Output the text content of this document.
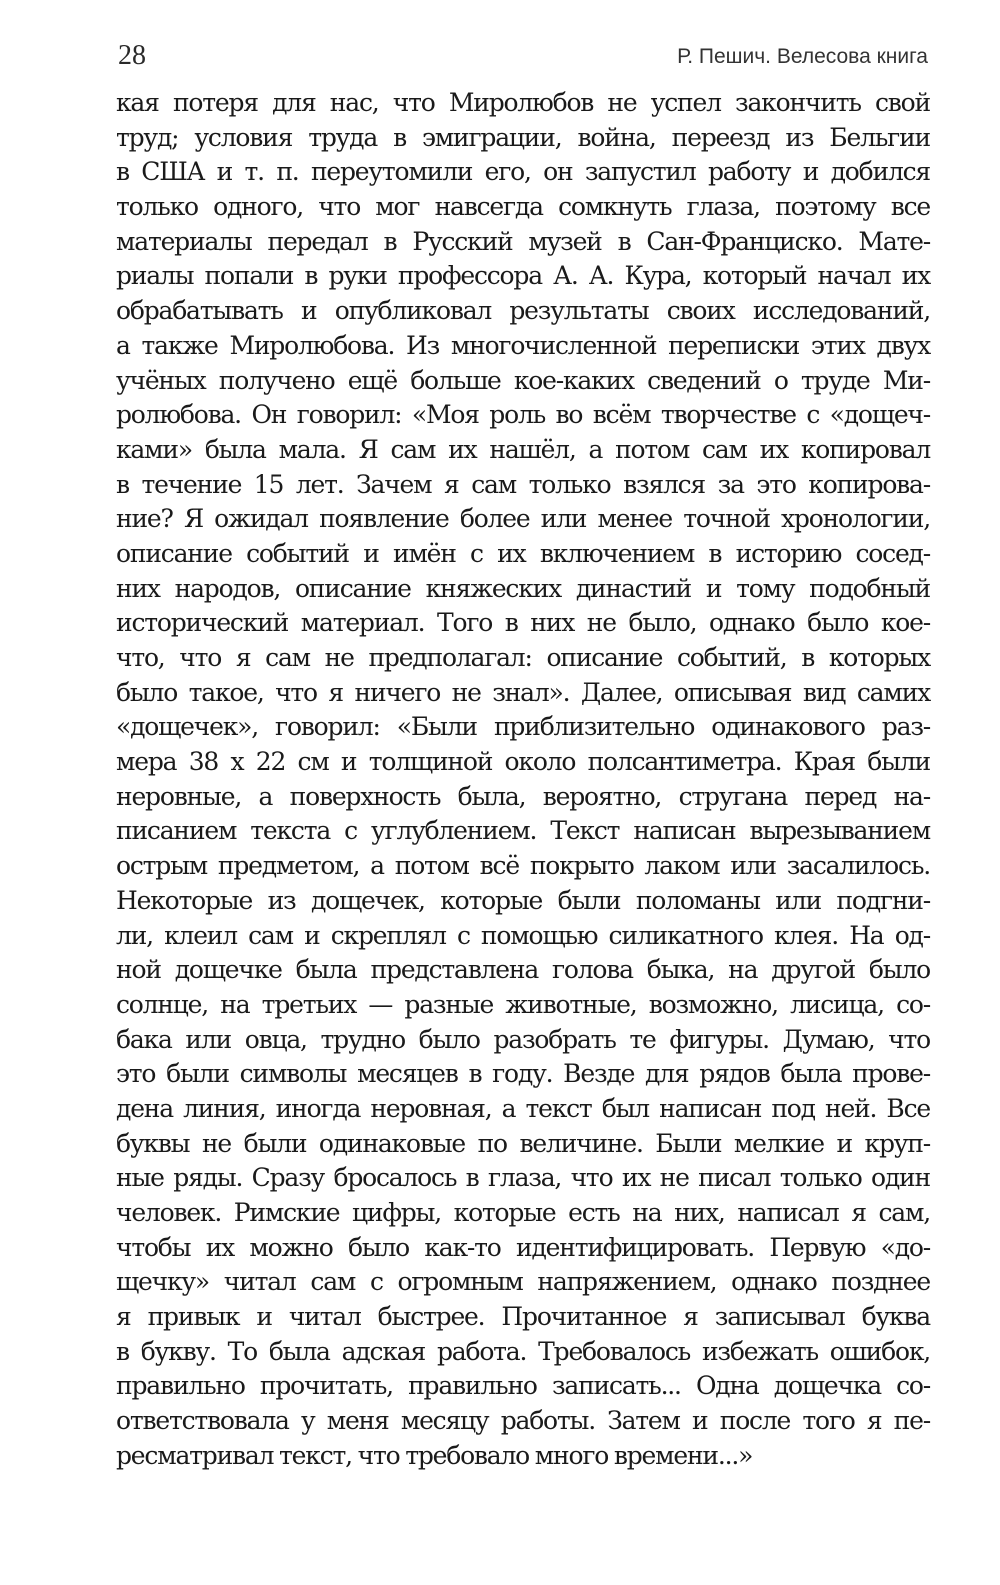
28	Р. Пешич. Велесова книга
кая потеря для нас, что Миролюбов не успел закончить свой
труд; условия труда в эмиграции, война, переезд из Бельгии
в США и т. п. переутомили его, он запустил работу и добился
только одного, что мог навсегда сомкнуть глаза, поэтому все
материалы передал в Русский музей в Сан-Франциско. Мате-
риалы попали в руки профессора А. А. Кура, который начал их
обрабатывать и опубликовал результаты своих исследований,
а также Миролюбова. Из многочисленной переписки этих двух
учёных получено ещё больше кое-каких сведений о труде Ми-
ролюбова. Он говорил: «Моя роль во всём творчестве с «дощеч-
ками» была мала. Я сам их нашёл, а потом сам их копировал
в течение 15 лет. Зачем я сам только взялся за это копирова-
ние? Я ожидал появление более или менее точной хронологии,
описание событий и имён с их включением в историю сосед-
них народов, описание княжеских династий и тому подобный
исторический материал. Того в них не было, однако было кое-
что, что я сам не предполагал: описание событий, в которых
было такое, что я ничего не знал». Далее, описывая вид самих
«дощечек», говорил: «Были приблизительно одинакового раз-
мера 38 х 22 см и толщиной около полсантиметра. Края были
неровные, а поверхность была, вероятно, стругана перед на-
писанием текста с углублением. Текст написан вырезыванием
острым предметом, а потом всё покрыто лаком или засалилось.
Некоторые из дощечек, которые были поломаны или подгни-
ли, клеил сам и скреплял с помощью силикатного клея. На од-
ной дощечке была представлена голова быка, на другой было
солнце, на третьих — разные животные, возможно, лисица, со-
бака или овца, трудно было разобрать те фигуры. Думаю, что
это были символы месяцев в году. Везде для рядов была прове-
дена линия, иногда неровная, а текст был написан под ней. Все
буквы не были одинаковые по величине. Были мелкие и круп-
ные ряды. Сразу бросалось в глаза, что их не писал только один
человек. Римские цифры, которые есть на них, написал я сам,
чтобы их можно было как-то идентифицировать. Первую «до-
щечку» читал сам с огромным напряжением, однако позднее
я привык и читал быстрее. Прочитанное я записывал буква
в букву. То была адская работа. Требовалось избежать ошибок,
правильно прочитать, правильно записать... Одна дощечка со-
ответствовала у меня месяцу работы. Затем и после того я пе-
ресматривал текст, что требовало много времени...»
